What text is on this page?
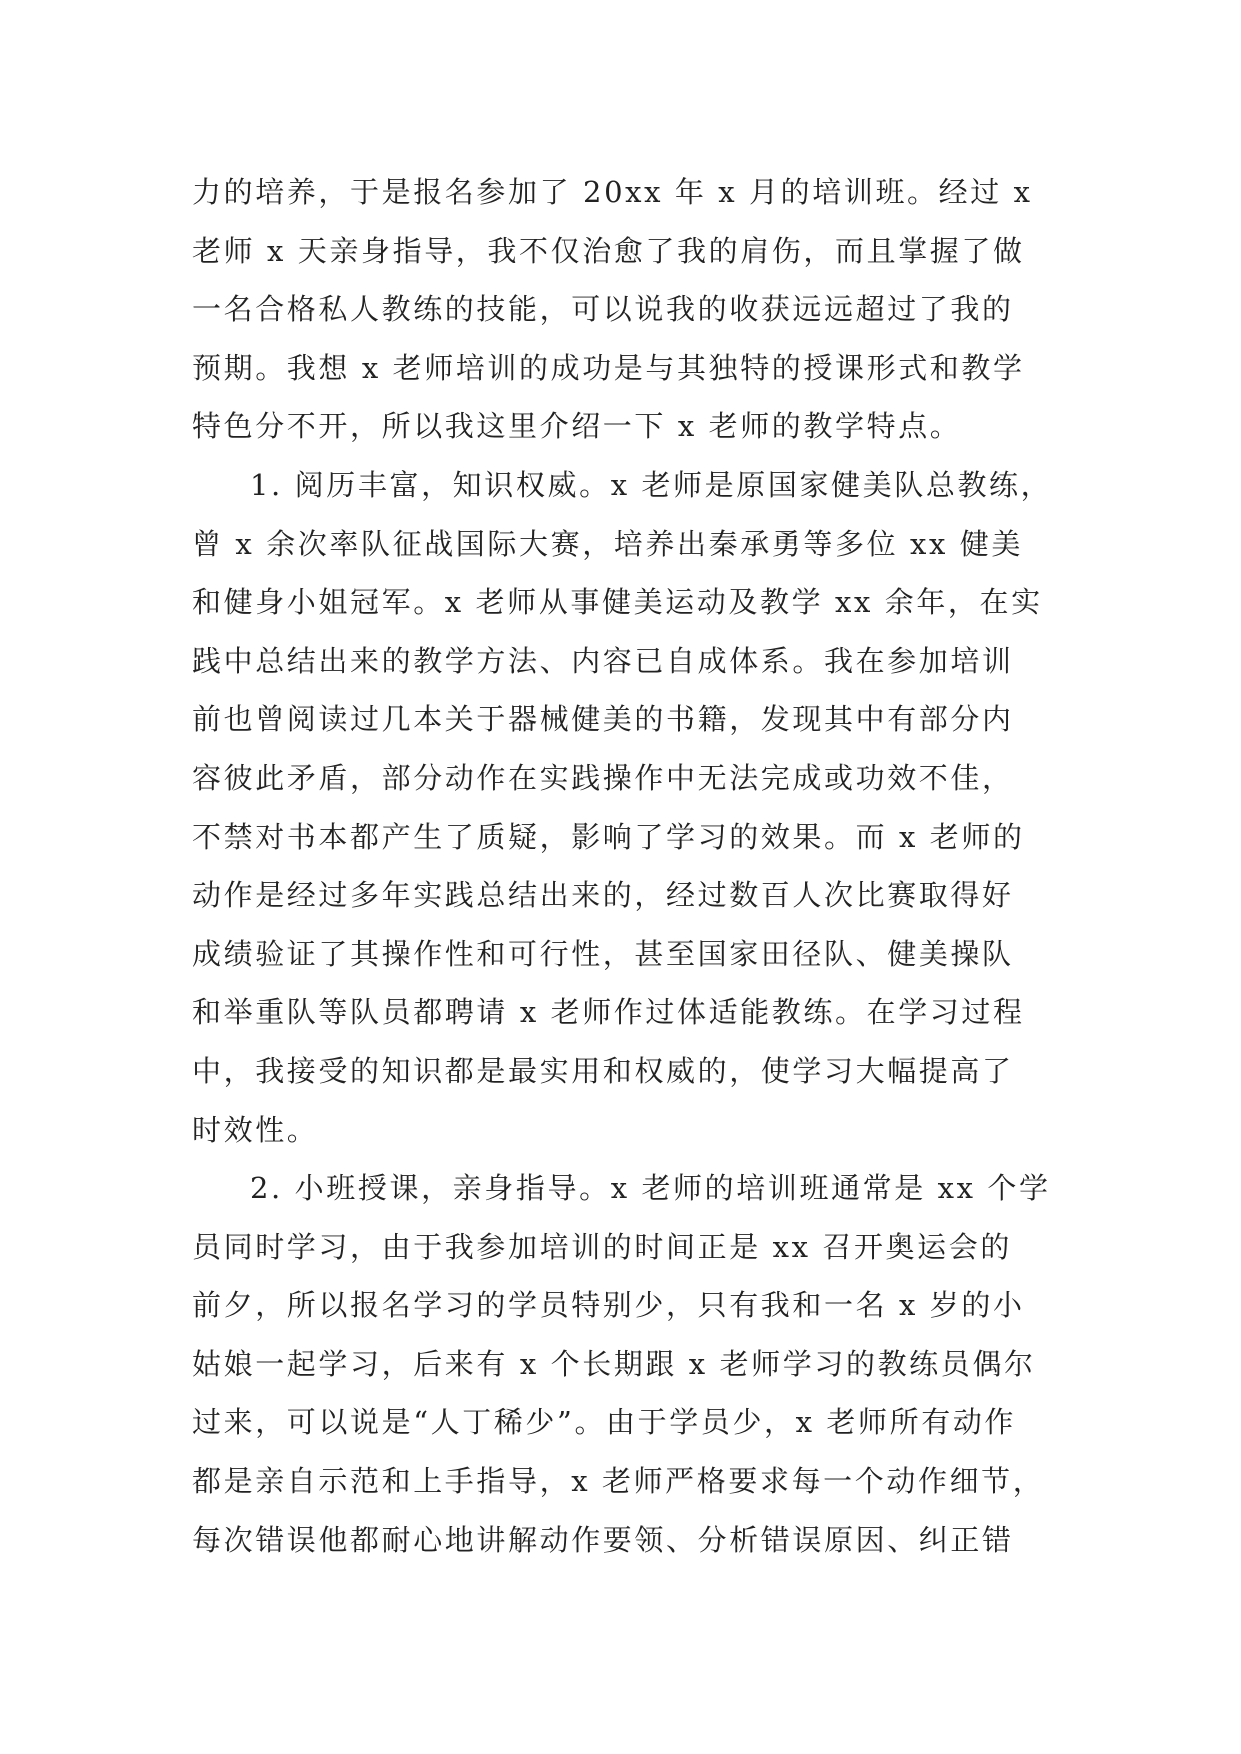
力的培养，于是报名参加了 20xx 年 x 月的培训班。经过 x
老师 x 天亲身指导，我不仅治愈了我的肩伤，而且掌握了做
一名合格私人教练的技能，可以说我的收获远远超过了我的
预期。我想 x 老师培训的成功是与其独特的授课形式和教学
特色分不开，所以我这里介绍一下 x 老师的教学特点。
1. 阅历丰富，知识权威。x 老师是原国家健美队总教练，
曾 x 余次率队征战国际大赛，培养出秦承勇等多位 xx 健美
和健身小姐冠军。x 老师从事健美运动及教学 xx 余年，在实
践中总结出来的教学方法、内容已自成体系。我在参加培训
前也曾阅读过几本关于器械健美的书籍，发现其中有部分内
容彼此矛盾，部分动作在实践操作中无法完成或功效不佳，
不禁对书本都产生了质疑，影响了学习的效果。而 x 老师的
动作是经过多年实践总结出来的，经过数百人次比赛取得好
成绩验证了其操作性和可行性，甚至国家田径队、健美操队
和举重队等队员都聘请 x 老师作过体适能教练。在学习过程
中，我接受的知识都是最实用和权威的，使学习大幅提高了
时效性。
2. 小班授课，亲身指导。x 老师的培训班通常是 xx 个学
员同时学习，由于我参加培训的时间正是 xx 召开奥运会的
前夕，所以报名学习的学员特别少，只有我和一名 x 岁的小
姑娘一起学习，后来有 x 个长期跟 x 老师学习的教练员偶尔
过来，可以说是“人丁稀少”。由于学员少，x 老师所有动作
都是亲自示范和上手指导，x 老师严格要求每一个动作细节，
每次错误他都耐心地讲解动作要领、分析错误原因、纠正错
